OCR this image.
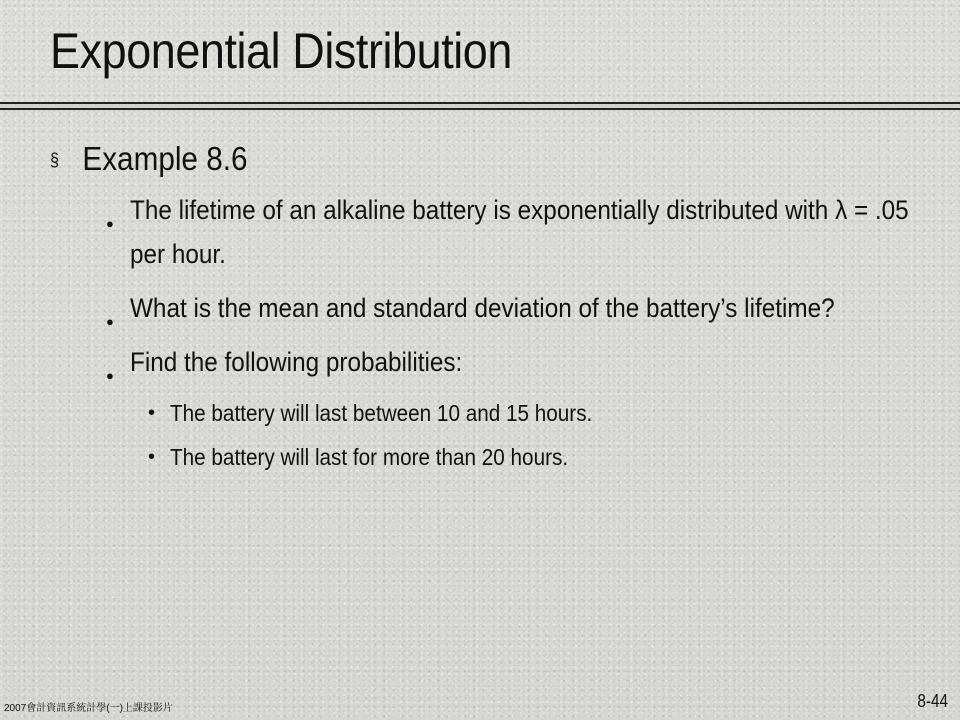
Exponential Distribution
§ Example 8.6
● The lifetime of an alkaline battery is exponentially distributed with λ = .05 per hour.
● What is the mean and standard deviation of the battery’s lifetime?
● Find the following probabilities:
• The battery will last between 10 and 15 hours.
• The battery will last for more than 20 hours.
2007會計資訊系統計學(一)上課投影片	8-44
